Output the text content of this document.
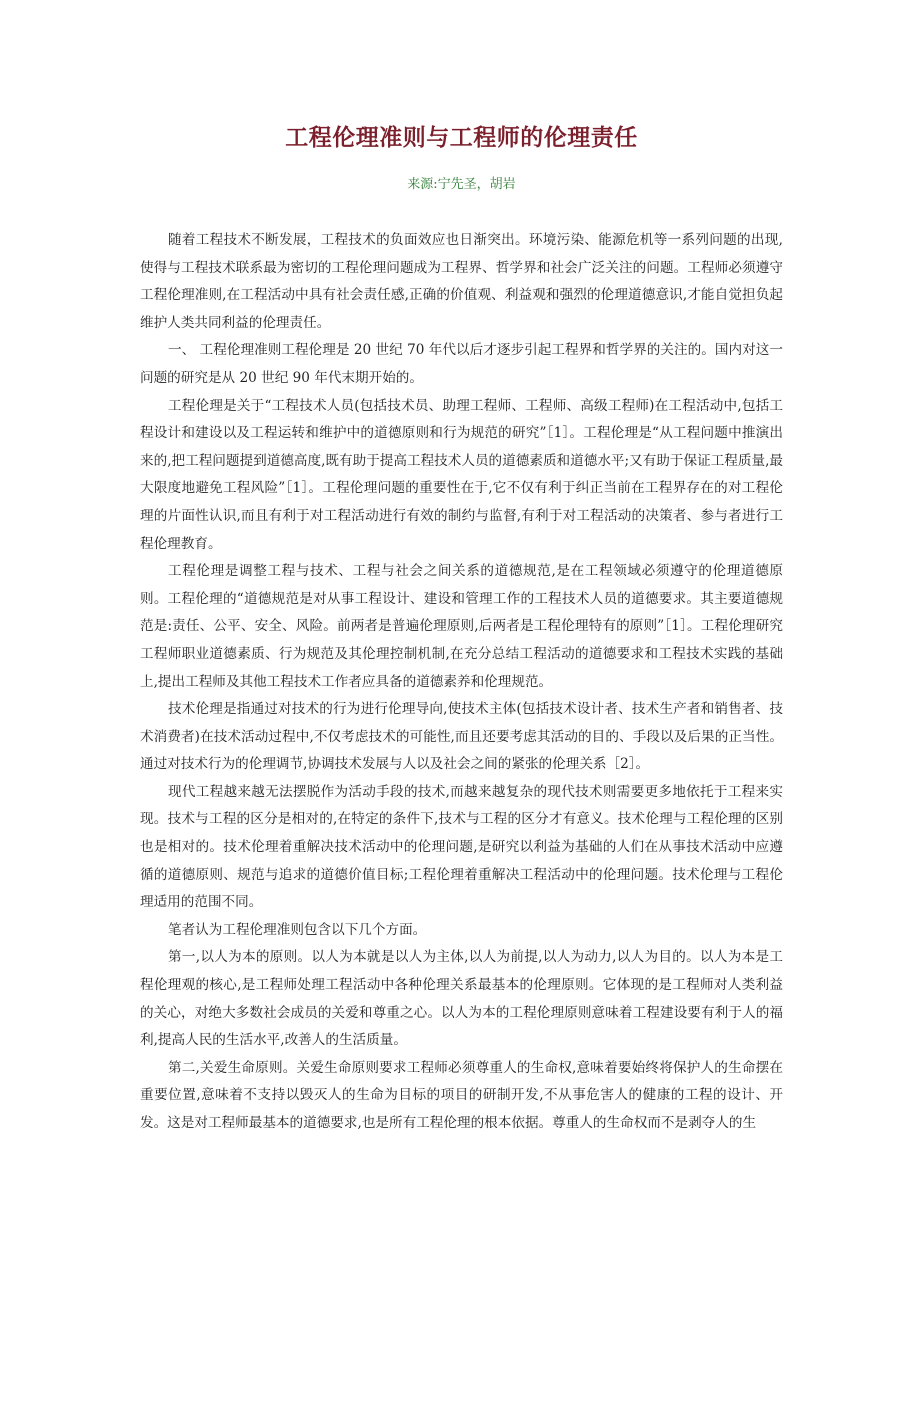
工程伦理准则与工程师的伦理责任
来源:宁先圣，胡岩

随着工程技术不断发展，工程技术的负面效应也日渐突出。环境污染、能源危机等一系列问题的出现,使得与工程技术联系最为密切的工程伦理问题成为工程界、哲学界和社会广泛关注的问题。工程师必须遵守工程伦理准则,在工程活动中具有社会责任感,正确的价值观、利益观和强烈的伦理道德意识,才能自觉担负起维护人类共同利益的伦理责任。

一、 工程伦理准则工程伦理是 20 世纪 70 年代以后才逐步引起工程界和哲学界的关注的。国内对这一问题的研究是从 20 世纪 90 年代末期开始的。

工程伦理是关于“工程技术人员(包括技术员、助理工程师、工程师、高级工程师)在工程活动中,包括工程设计和建设以及工程运转和维护中的道德原则和行为规范的研究”［1］。工程伦理是“从工程问题中推演出来的,把工程问题提到道德高度,既有助于提高工程技术人员的道德素质和道德水平;又有助于保证工程质量,最大限度地避免工程风险”［1］。工程伦理问题的重要性在于,它不仅有利于纠正当前在工程界存在的对工程伦理的片面性认识,而且有利于对工程活动进行有效的制约与监督,有利于对工程活动的决策者、参与者进行工程伦理教育。

工程伦理是调整工程与技术、工程与社会之间关系的道德规范,是在工程领域必须遵守的伦理道德原则。工程伦理的“道德规范是对从事工程设计、建设和管理工作的工程技术人员的道德要求。其主要道德规范是:责任、公平、安全、风险。前两者是普遍伦理原则,后两者是工程伦理特有的原则”［1］。工程伦理研究工程师职业道德素质、行为规范及其伦理控制机制,在充分总结工程活动的道德要求和工程技术实践的基础上,提出工程师及其他工程技术工作者应具备的道德素养和伦理规范。

技术伦理是指通过对技术的行为进行伦理导向,使技术主体(包括技术设计者、技术生产者和销售者、技术消费者)在技术活动过程中,不仅考虑技术的可能性,而且还要考虑其活动的目的、手段以及后果的正当性。通过对技术行为的伦理调节,协调技术发展与人以及社会之间的紧张的伦理关系［2］。

现代工程越来越无法摆脱作为活动手段的技术,而越来越复杂的现代技术则需要更多地依托于工程来实现。技术与工程的区分是相对的,在特定的条件下,技术与工程的区分才有意义。技术伦理与工程伦理的区别也是相对的。技术伦理着重解决技术活动中的伦理问题,是研究以利益为基础的人们在从事技术活动中应遵循的道德原则、规范与追求的道德价值目标;工程伦理着重解决工程活动中的伦理问题。技术伦理与工程伦理适用的范围不同。

笔者认为工程伦理准则包含以下几个方面。

第一,以人为本的原则。以人为本就是以人为主体,以人为前提,以人为动力,以人为目的。以人为本是工程伦理观的核心,是工程师处理工程活动中各种伦理关系最基本的伦理原则。它体现的是工程师对人类利益的关心，对绝大多数社会成员的关爱和尊重之心。以人为本的工程伦理原则意味着工程建设要有利于人的福利,提高人民的生活水平,改善人的生活质量。

第二,关爱生命原则。关爱生命原则要求工程师必须尊重人的生命权,意味着要始终将保护人的生命摆在重要位置,意味着不支持以毁灭人的生命为目标的项目的研制开发,不从事危害人的健康的工程的设计、开发。这是对工程师最基本的道德要求,也是所有工程伦理的根本依据。尊重人的生命权而不是剥夺人的生
